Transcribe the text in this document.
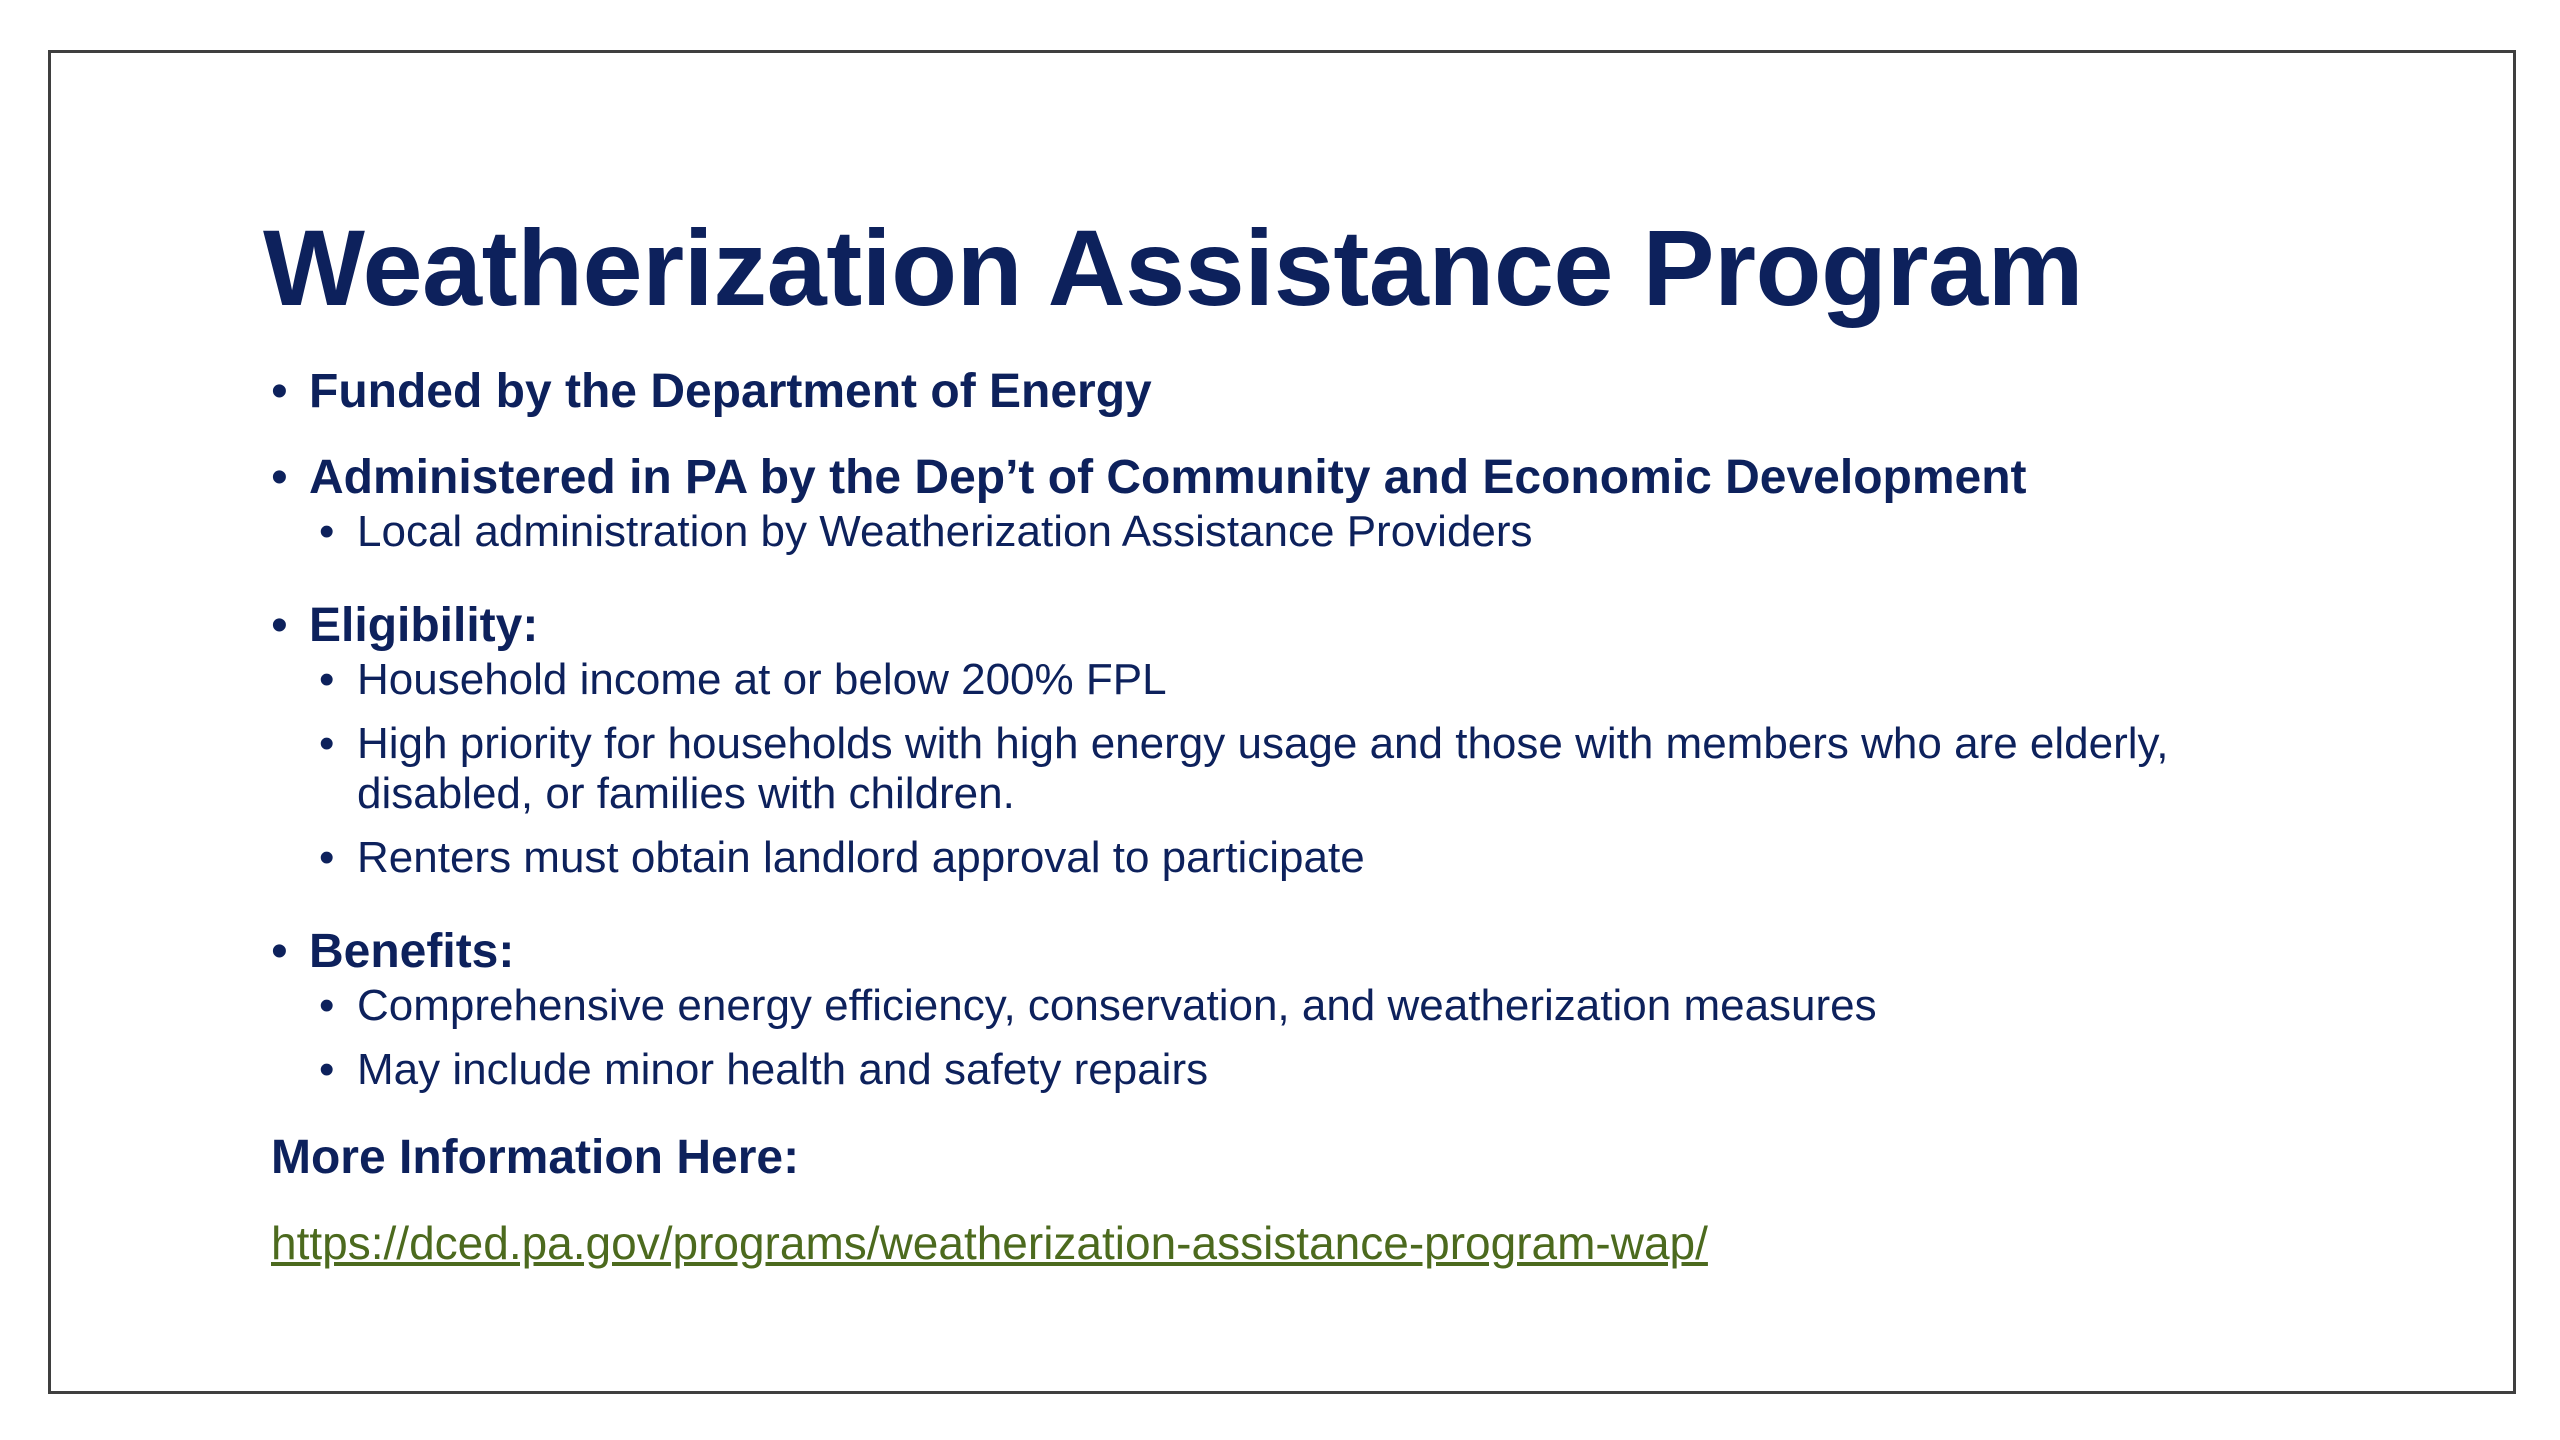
Weatherization Assistance Program
• Funded by the Department of Energy
• Administered in PA by the Dep’t of Community and Economic Development
• Local administration by Weatherization Assistance Providers
• Eligibility:
• Household income at or below 200% FPL
• High priority for households with high energy usage and those with members who are elderly, disabled, or families with children.
• Renters must obtain landlord approval to participate
• Benefits:
• Comprehensive energy efficiency, conservation, and weatherization measures
• May include minor health and safety repairs
More Information Here:
https://dced.pa.gov/programs/weatherization-assistance-program-wap/
